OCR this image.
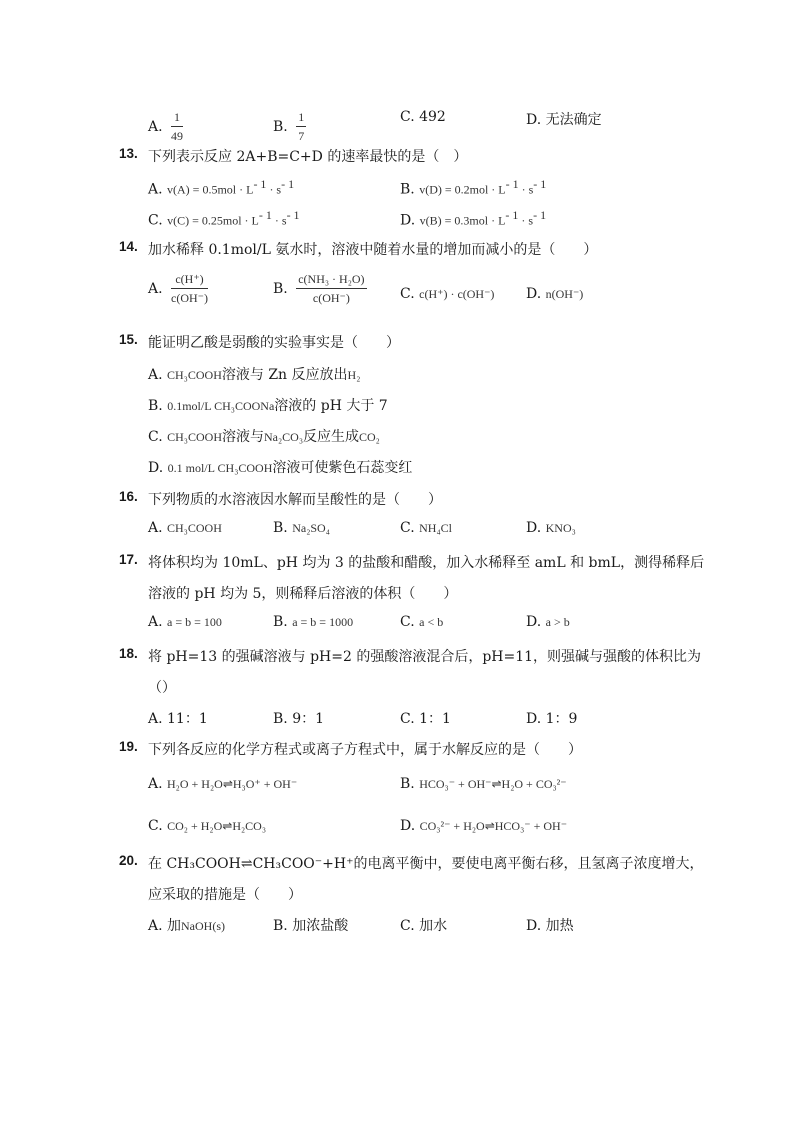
A. $\frac{1}{49}$	B. $\frac{1}{7}$	C. 492	D. 无法确定
13. 下列表示反应 2A+B=C+D 的速率最快的是（　）
A. $v(A) = 0.5mol \cdot L^{- 1} \cdot s^{- 1}$	B. $v(D) = 0.2mol \cdot L^{- 1} \cdot s^{- 1}$
C. $v(C) = 0.25mol \cdot L^{- 1} \cdot s^{- 1}$	D. $v(B) = 0.3mol \cdot L^{- 1} \cdot s^{- 1}$
14. 加水稀释 0.1mol/L 氨水时，溶液中随着水量的增加而减小的是（　　）
A. $\frac{c(H^+)}{c(OH^-)}$	B. $\frac{\text{c(NH₃ · H₂O)}}{c(OH^-)} C$. c(H⁺) · c(OH⁻) D. n(OH⁻)
15. 能证明乙酸是弱酸的实验事实是（　　）
A. CH₃COOH溶液与 Zn 反应放出H₂
B. 0.1mol/L CH₃COONa溶液的 pH 大于 7
C. CH₃COOH溶液与Na₂CO₃反应生成CO₂
D. 0.1 mol/L CH₃COOH溶液可使紫色石蕊变红
16. 下列物质的水溶液因水解而呈酸性的是（　　）
A. CH₃COOH	B. Na₂SO₄	C. NH₄Cl	D. KNO₃
17. 将体积均为 10mL、pH 均为 3 的盐酸和醋酸，加入水稀释至 amL 和 bmL，测得稀释后
溶液的 pH 均为 5，则稀释后溶液的体积（　　）
A. a = b = 100	B. a = b = 1000	C. a < b	D. a > b
18. 将 pH=13 的强碱溶液与 pH=2 的强酸溶液混合后，pH=11，则强碱与强酸的体积比为
（）
A. 11：1	B. 9：1	C. 1：1	D. 1：9
19. 下列各反应的化学方程式或离子方程式中，属于水解反应的是（　　）
A. H₂O + H₂O⇌H₃O⁺ + OH⁻	B. HCO₃⁻ + OH⁻⇌H₂O + CO₃²⁻
C. CO₂ + H₂O⇌H₂CO₃	D. CO₃²⁻ + H₂O⇌HCO₃⁻ + OH⁻
20. 在 CH₃COOH⇌CH₃COO⁻+H⁺的电离平衡中，要使电离平衡右移，且氢离子浓度增大，
应采取的措施是（　　）
A. 加NaOH(s)	B. 加浓盐酸	C. 加水	D. 加热
